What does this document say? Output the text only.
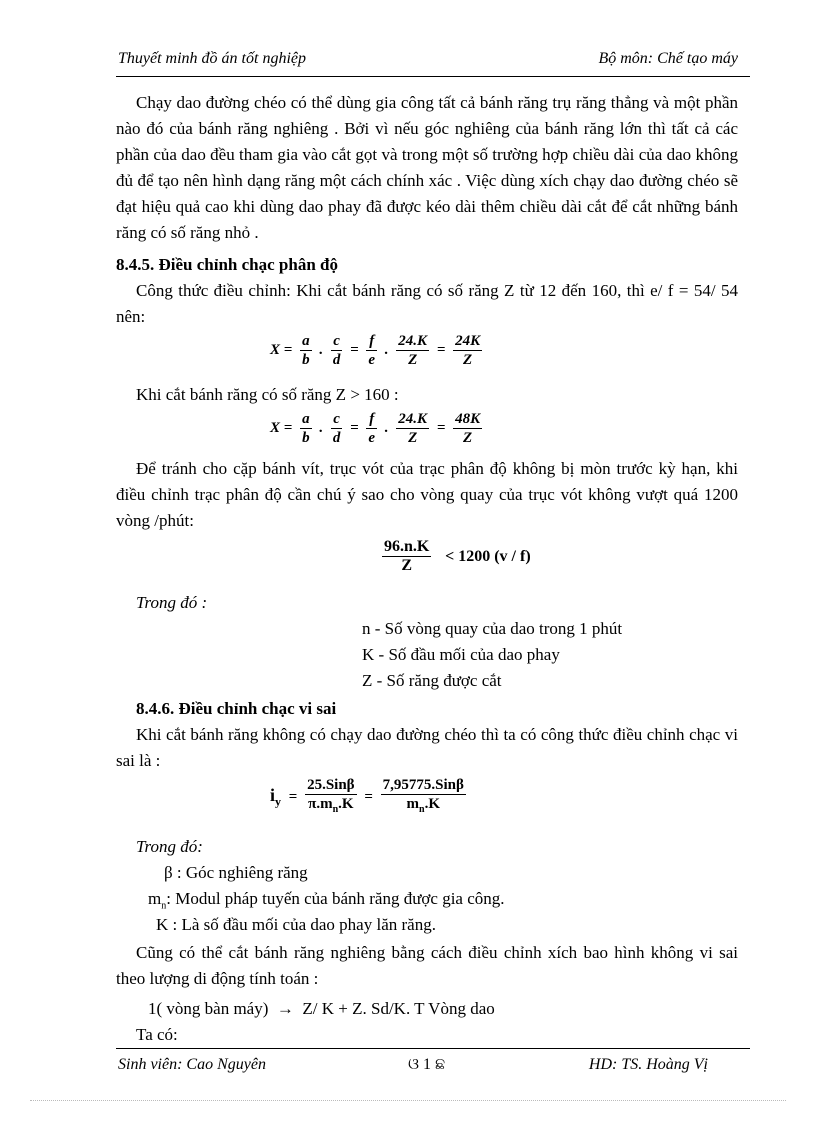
Thuyết minh đồ án tốt nghiệp	Bộ môn: Chế tạo máy
Chạy dao đường chéo có thể dùng gia công tất cả bánh răng trụ răng thẳng và một phần nào đó của bánh răng nghiêng . Bởi vì nếu góc nghiêng của bánh răng lớn thì tất cả các phần của dao đều tham gia vào cắt gọt và trong một số trường hợp chiều dài của dao không đủ để tạo nên hình dạng răng một cách chính xác . Việc dùng xích chạy dao đường chéo sẽ đạt hiệu quả cao khi dùng dao phay đã được kéo dài thêm chiều dài cắt để cắt những bánh răng có số răng nhỏ .
8.4.5. Điều chỉnh chạc phân độ
Công thức điều chỉnh: Khi cắt bánh răng có số răng Z từ 12 đến 160, thì e/ f = 54/ 54 nên:
$X = \frac{a}{b}$ . $\frac{c}{d} = \frac{f}{e}$ . $\frac{24.K}{Z} = \frac{24K}{Z}$
Khi cắt bánh răng có số răng Z > 160 :
$X = \frac{a}{b}$ . $\frac{c}{d} = \frac{f}{e}$ . $\frac{24.K}{Z} = \frac{48K}{Z}$
Để tránh cho cặp bánh vít, trục vót của trạc phân độ không bị mòn trước kỳ hạn, khi điều chỉnh trạc phân độ cần chú ý sao cho vòng quay của trục vót không vượt quá 1200 vòng /phút:
$\frac{96.n.K}{Z} < 1200$ (v / f)
Trong đó :
n - Số vòng quay của dao trong 1 phút
K - Số đầu mối của dao phay
Z - Số răng được cắt
8.4.6. Điều chỉnh chạc vi sai
Khi cắt bánh răng không có chạy dao đường chéo thì ta có công thức điều chỉnh chạc vi sai là :
$i_y = \frac{\text{25.Sinβ}}{\pi.m_n.K} = \frac{\text{7,95775.Sinβ}}{m_n.K}$
Trong đó:
β : Góc nghiêng răng
$m_n$: Modul pháp tuyến của bánh răng được gia công.
K : Là số đầu mối của dao phay lăn răng.
Cũng có thể cắt bánh răng nghiêng bằng cách điều chỉnh xích bao hình không vi sai theo lượng di động tính toán :
1( vòng bàn máy) → Z/ K + Z. Sd/K. T Vòng dao
Ta có:
Sinh viên: Cao Nguyên	ଓ 1 ଛ	HD: TS. Hoàng Vị
